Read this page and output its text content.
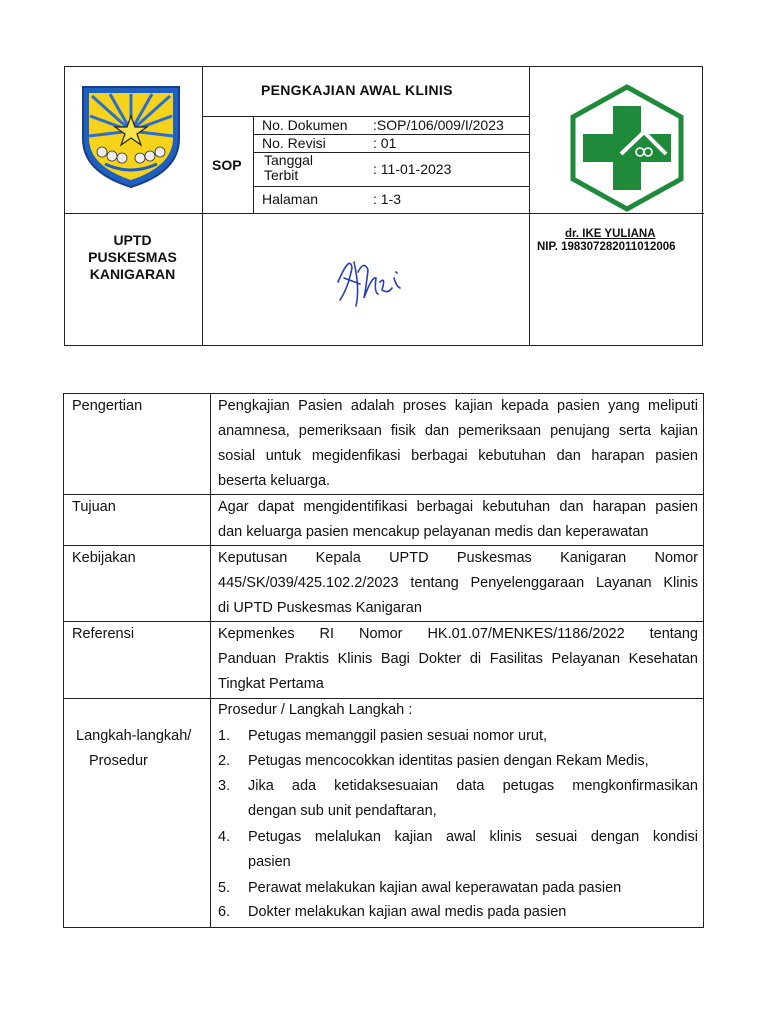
PENGKAJIAN AWAL KLINIS
SOP
No. Dokumen :SOP/106/009/I/2023
No. Revisi	: 01
Tanggal
Terbit	: 11-01-2023
Halaman	: 1-3
UPTD
PUSKESMAS
KANIGARAN
dr. IKE YULIANA
NIP. 198307282011012006
Pengertian	Pengkajian Pasien adalah proses kajian kepada pasien yang meliputi
anamnesa, pemeriksaan fisik dan pemeriksaan penujang serta kajian
sosial untuk megidenfikasi berbagai kebutuhan dan harapan pasien
beserta keluarga.
Tujuan	Agar dapat mengidentifikasi berbagai kebutuhan dan harapan pasien
dan keluarga pasien mencakup pelayanan medis dan keperawatan
Kebijakan	Keputusan Kepala UPTD Puskesmas Kanigaran Nomor
445/SK/039/425.102.2/2023 tentang Penyelenggaraan Layanan Klinis
di UPTD Puskesmas Kanigaran
Referensi	Kepmenkes RI Nomor HK.01.07/MENKES/1186/2022 tentang
Panduan Praktis Klinis Bagi Dokter di Fasilitas Pelayanan Kesehatan
Tingkat Pertama
Langkah-langkah/
Prosedur
Prosedur / Langkah Langkah :
1. Petugas memanggil pasien sesuai nomor urut,
2. Petugas mencocokkan identitas pasien dengan Rekam Medis,
3. Jika ada ketidaksesuaian data petugas mengkonfirmasikan
dengan sub unit pendaftaran,
4. Petugas melalukan kajian awal klinis sesuai dengan kondisi
pasien
5. Perawat melakukan kajian awal keperawatan pada pasien
6. Dokter melakukan kajian awal medis pada pasien
